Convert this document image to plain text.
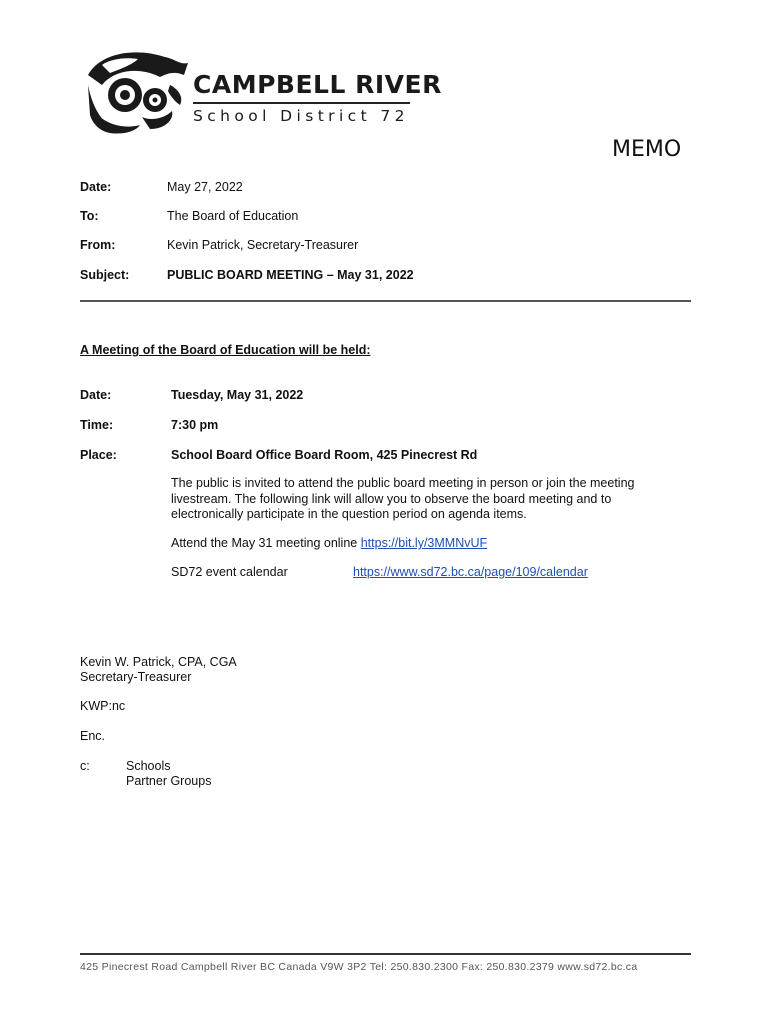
CAMPBELL RIVER
School District 72
MEMO
Date:	May 27, 2022
To:	The Board of Education
From:	Kevin Patrick, Secretary-Treasurer
Subject:	PUBLIC BOARD MEETING – May 31, 2022
A Meeting of the Board of Education will be held:
Date:	Tuesday, May 31, 2022
Time:	7:30 pm
Place:	School Board Office Board Room, 425 Pinecrest Rd
The public is invited to attend the public board meeting in person or join the meeting livestream. The following link will allow you to observe the board meeting and to electronically participate in the question period on agenda items.
Attend the May 31 meeting online https://bit.ly/3MMNvUF
SD72 event calendar	https://www.sd72.bc.ca/page/109/calendar
Kevin W. Patrick, CPA, CGA
Secretary-Treasurer
KWP:nc
Enc.
c:	Schools
Partner Groups
425 Pinecrest Road Campbell River BC Canada V9W 3P2 Tel: 250.830.2300 Fax: 250.830.2379 www.sd72.bc.ca
